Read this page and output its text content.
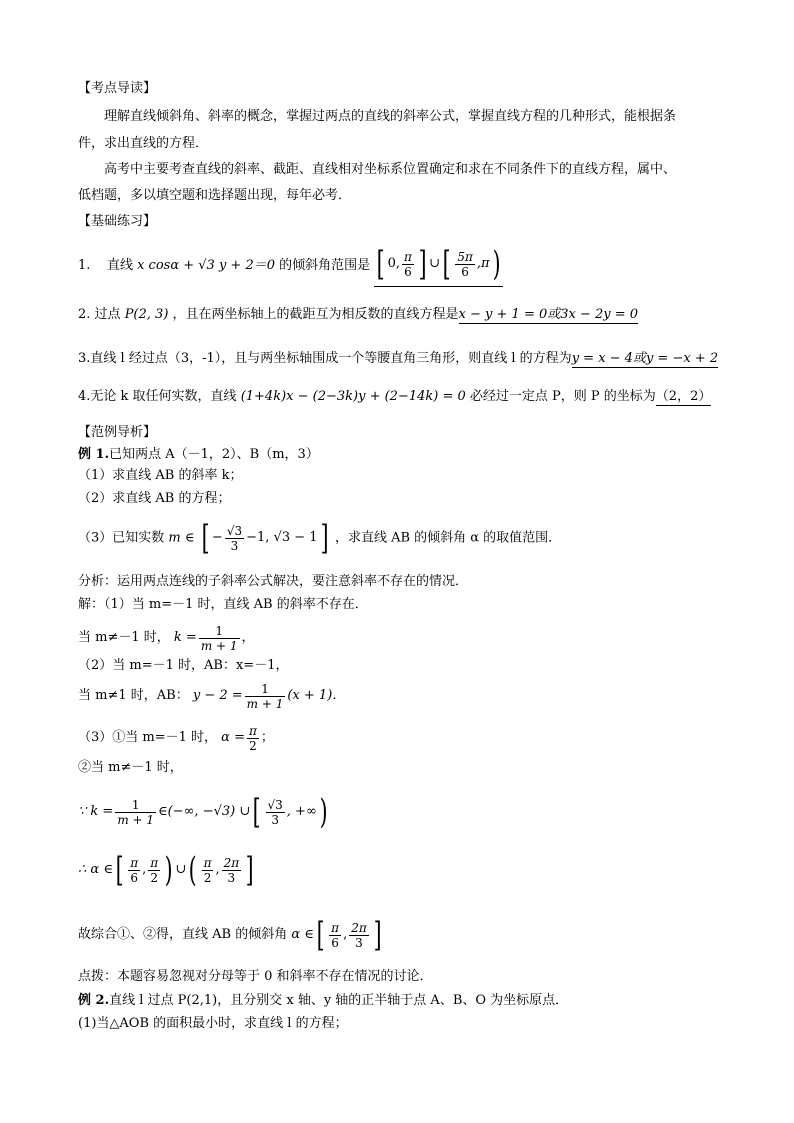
【考点导读】
理解直线倾斜角、斜率的概念，掌握过两点的直线的斜率公式，掌握直线方程的几种形式，能根据条
件，求出直线的方程．
高考中主要考查直线的斜率、截距、直线相对坐标系位置确定和求在不同条件下的直线方程，属中、
低档题，多以填空题和选择题出现，每年必考．
【基础练习】
1. 直线 x cosα + √3 y + 2＝0 的倾斜角范围是 [ 0, $\frac{\pi}{6}$ ] ∪[ $\frac{5\pi}{6} ,\pi$)
2. 过点 P(2, 3) ，且在两坐标轴上的截距互为相反数的直线方程是x − y + 1 = 0或3x − 2y = 0
3.直线 l 经过点（3，-1），且与两坐标轴围成一个等腰直角三角形，则直线 l 的方程为y = x − 4或y = −x + 2
4.无论 k 取任何实数，直线 (1+4k)x − (2−3k)y + (2−14k) = 0 必经过一定点 P，则 P 的坐标为（2，2）
【范例导析】
例 1.已知两点 A（－1，2）、B（m，3）
（1）求直线 AB 的斜率 k；
（2）求直线 AB 的方程；
（3）已知实数 m ∈ [ − $\frac{√3}{3} -1$, √3 − 1] ，求直线 AB 的倾斜角 α 的取值范围．
分析：运用两点连线的子斜率公式解决，要注意斜率不存在的情况．
解：（1）当 m=－1 时，直线 AB 的斜率不存在．
当 m≠－1 时， $k = \frac{1}{m + 1}$ ，
（2）当 m=－1 时，AB：x=－1，
当 m≠1 时，AB： $y - 2 = \frac{1}{m + 1} (x + 1)$．
（3）①当 m=－1 时， $\alpha = \frac{\pi}{2}$ ；
②当 m≠－1 时，
∵ $k = \frac{1}{m + 1}$ ∈(−∞, −√3) ∪[ $\frac{√3}{3}$ , +∞)
∴ α ∈[ $\frac{\pi}{6}$ , $\frac{\pi}{2}$ ) ∪( $\frac{\pi}{2}$ , $\frac{2\pi}{3}$ ]
故综合①、②得，直线 AB 的倾斜角 α ∈[ $\frac{\pi}{6}$ , $\frac{2\pi}{3}$ ]
点拨：本题容易忽视对分母等于 0 和斜率不存在情况的讨论．
例 2.直线 l 过点 P(2,1)，且分别交 x 轴、y 轴的正半轴于点 A、B、O 为坐标原点．
(1)当△AOB 的面积最小时，求直线 l 的方程；
